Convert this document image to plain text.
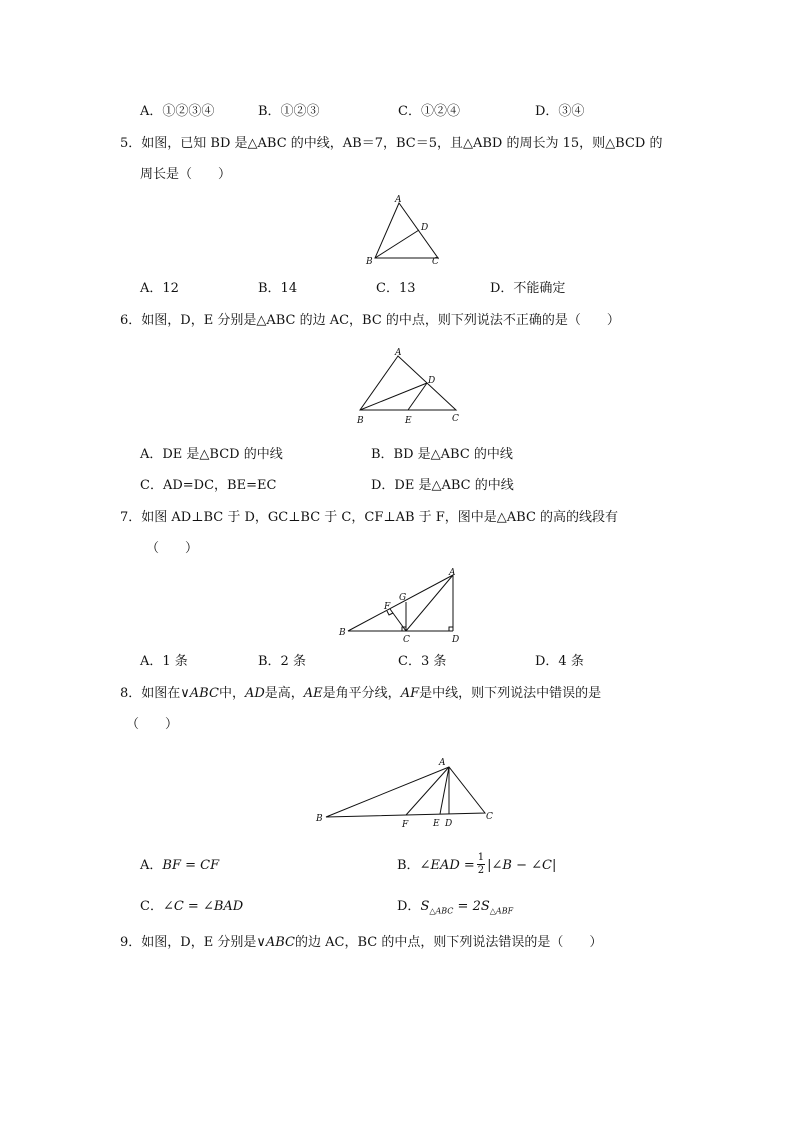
A．①②③④	B．①②③	C．①②④	D．③④
5．如图，已知 BD 是△ABC 的中线，AB＝7，BC＝5，且△ABD 的周长为 15，则△BCD 的
周长是（　　）
A
B	C
D
A．12	B．14	C．13	D．不能确定
6．如图，D，E 分别是△ABC 的边 AC，BC 的中点，则下列说法不正确的是（　　）
A
B	C
D
E
A．DE 是△BCD 的中线	B．BD 是△ABC 的中线
C．AD=DC，BE=EC	D．DE 是△ABC 的中线
7．如图 AD⊥BC 于 D，GC⊥BC 于 C，CF⊥AB 于 F，图中是△ABC 的高的线段有
（　　）
A
B
C	D
F
G
A．1 条	B．2 条	C．3 条	D．4 条
8．如图在∨ABC中，AD是高，AE是角平分线，AF是中线，则下列说法中错误的是
（　　）
A
B	C
D
E
F
A．BF = CF	B．∠EAD = $\frac{1}{2}$ |∠B − ∠C|
C．∠C = ∠BAD	D．$S_{\triangle ABC} = 2S_{\triangle ABF}$
9．如图，D，E 分别是∨ABC的边 AC，BC 的中点，则下列说法错误的是（　　）
